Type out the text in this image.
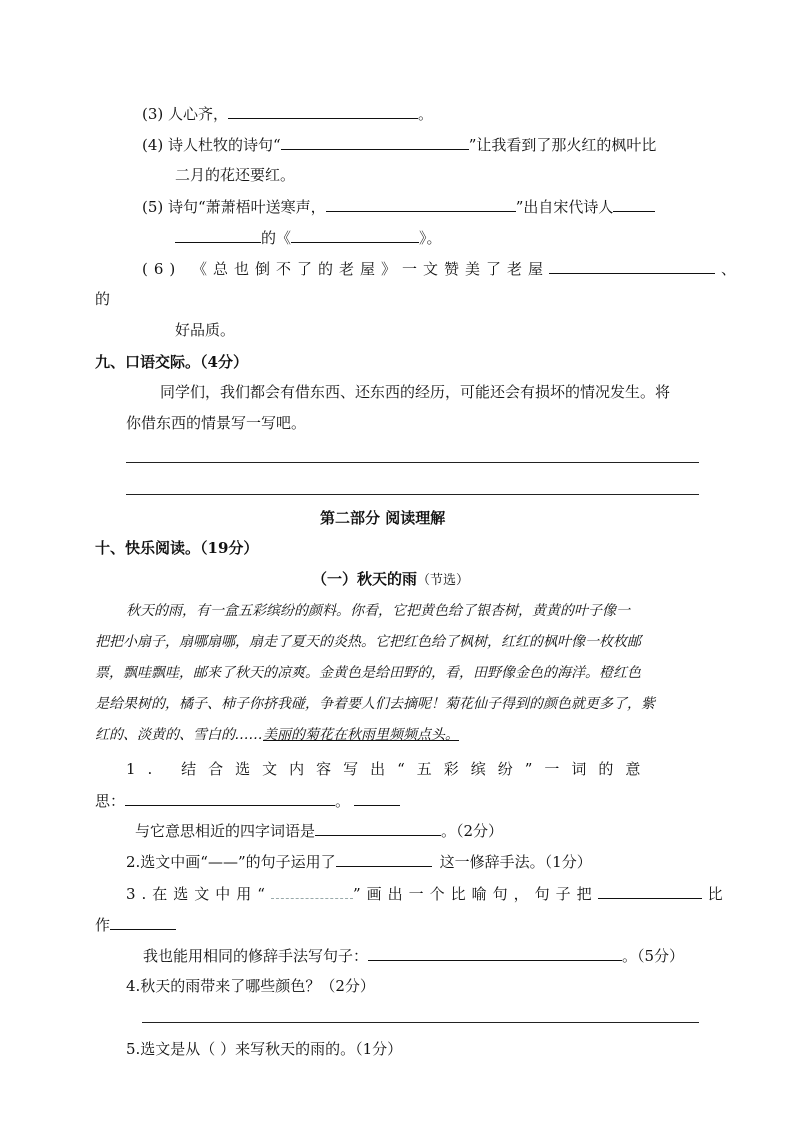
(3) 人心齐，	。
(4) 诗人杜牧的诗句“	”让我看到了那火红的枫叶比
二月的花还要红。
(5) 诗句“萧萧梧叶送寒声，	”出自宋代诗人
的《	》。
(6) 《总也倒不了的老屋》一文赞美了老屋	、
的
好品质。
九、口语交际。（4分）
同学们，我们都会有借东西、还东西的经历，可能还会有损坏的情况发生。将
你借东西的情景写一写吧。
第二部分 阅读理解
十、快乐阅读。（19分）
（一）秋天的雨（节选）
秋天的雨，有一盒五彩缤纷的颜料。你看，它把黄色给了银杏树，黄黄的叶子像一
把把小扇子，扇哪扇哪，扇走了夏天的炎热。它把红色给了枫树，红红的枫叶像一枚枚邮
票，飘哇飘哇，邮来了秋天的凉爽。金黄色是给田野的，看，田野像金色的海洋。橙红色
是给果树的，橘子、柿子你挤我碰，争着要人们去摘呢！菊花仙子得到的颜色就更多了，紫
红的、淡黄的、雪白的……美丽的菊花在秋雨里频频点头。
1. 结合选文内容写出“五彩缤纷”一词的意
思：	。
与它意思相近的四字词语是	。（2分）
2.选文中画“——”的句子运用了	这一修辞手法。（1分）
3.在选文中用“	”画出一个比喻句，句子把	比
作
我也能用相同的修辞手法写句子：	。（5分）
4.秋天的雨带来了哪些颜色？（2分）
5.选文是从（ ）来写秋天的雨的。（1分）
